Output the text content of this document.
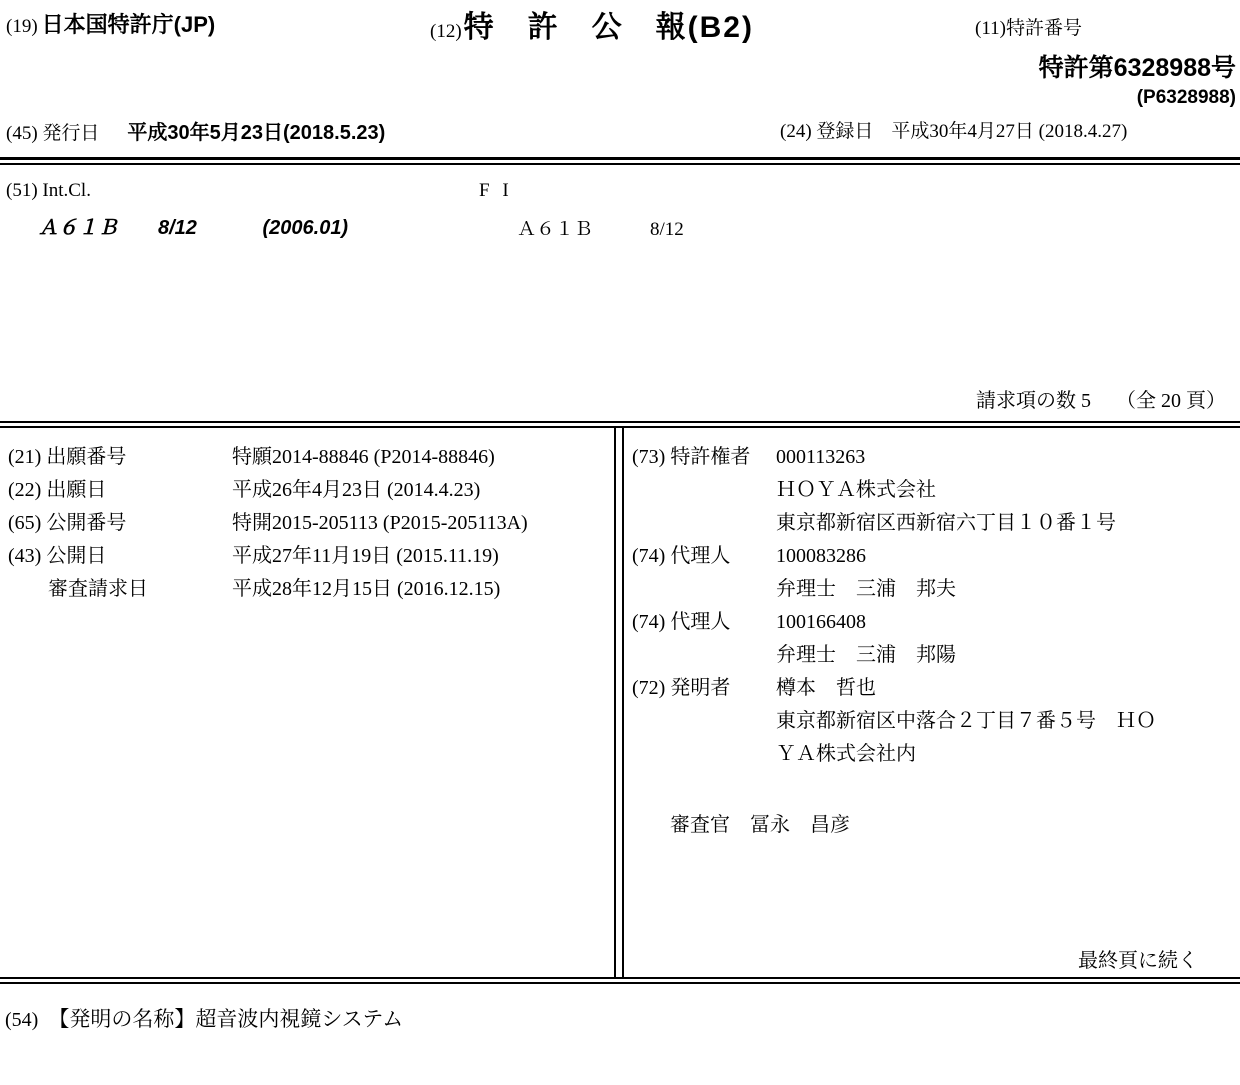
(19) 日本国特許庁(JP)	(12)特　許　公　報(B2)	(11)特許番号
特許第6328988号
(P6328988)
(45) 発行日 平成30年5月23日(2018.5.23)	(24) 登録日 平成30年4月27日 (2018.4.27)
(51) Int.Cl.	F I
Ａ６１Ｂ　　8/12　　　 (2006.01)	Ａ６１Ｂ　　　8/12
請求項の数 5　 （全 20 頁）
(21) 出願番号	特願2014-88846 (P2014-88846)
(22) 出願日	平成26年4月23日 (2014.4.23)
(65) 公開番号	特開2015-205113 (P2015-205113A)
(43) 公開日	平成27年11月19日 (2015.11.19)
審査請求日	平成28年12月15日 (2016.12.15)
(73) 特許権者	000113263
ＨＯＹＡ株式会社
東京都新宿区西新宿六丁目１０番１号
(74) 代理人	100083286
弁理士　三浦　邦夫
(74) 代理人	100166408
弁理士　三浦　邦陽
(72) 発明者	樽本　哲也
東京都新宿区中落合２丁目７番５号　ＨＯＹＡ株式会社内
審査官　冨永　昌彦
最終頁に続く
(54) 【発明の名称】超音波内視鏡システム
